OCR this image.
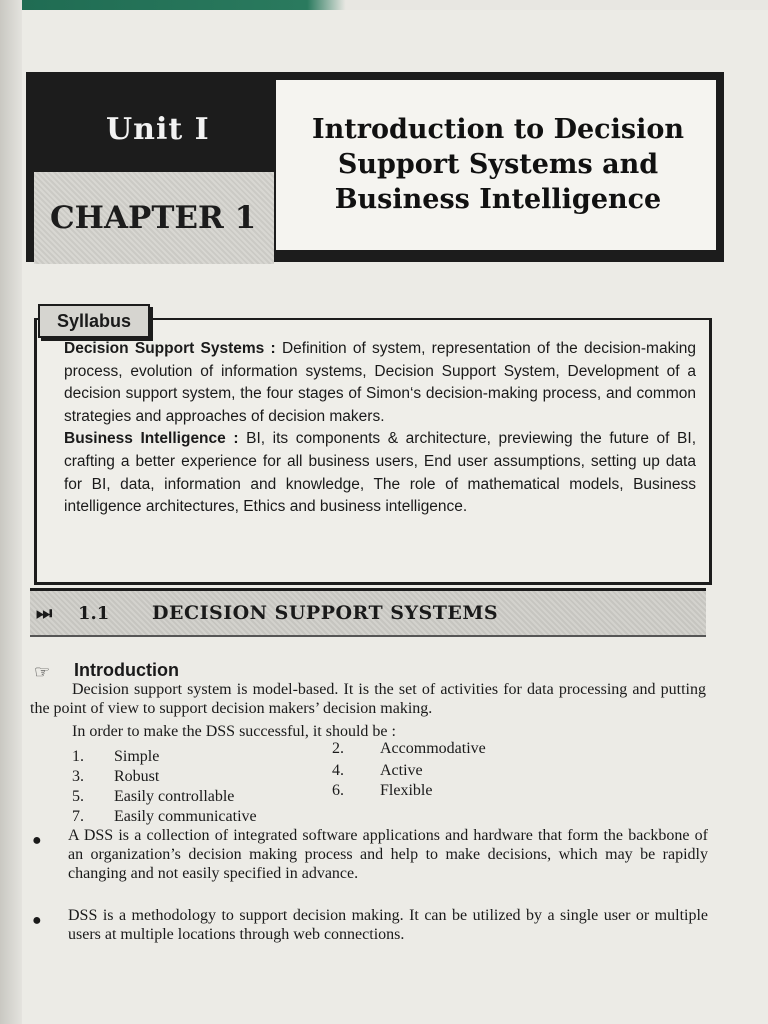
Unit I
CHAPTER 1
Introduction to Decision
Support Systems and
Business Intelligence
Syllabus

Decision Support Systems : Definition of system, representation of the decision-making process, evolution of information systems, Decision Support System, Development of a decision support system, the four stages of Simon‘s decision-making process, and common strategies and approaches of decision makers.

Business Intelligence : BI, its components & architecture, previewing the future of BI, crafting a better experience for all business users, End user assumptions, setting up data for BI, data, information and knowledge, The role of mathematical models, Business intelligence architectures, Ethics and business intelligence.

⏭ 1.1 DECISION SUPPORT SYSTEMS
☞ Introduction
Decision support system is model-based. It is the set of activities for data processing and putting the point of view to support decision makers’ decision making.
In order to make the DSS successful, it should be :
1. Simple	2. Accommodative
3. Robust	4. Active
5. Easily controllable	6. Flexible
7. Easily communicative
● A DSS is a collection of integrated software applications and hardware that form the backbone of an organization’s decision making process and help to make decisions, which may be rapidly changing and not easily specified in advance.
● DSS is a methodology to support decision making. It can be utilized by a single user or multiple users at multiple locations through web connections.
